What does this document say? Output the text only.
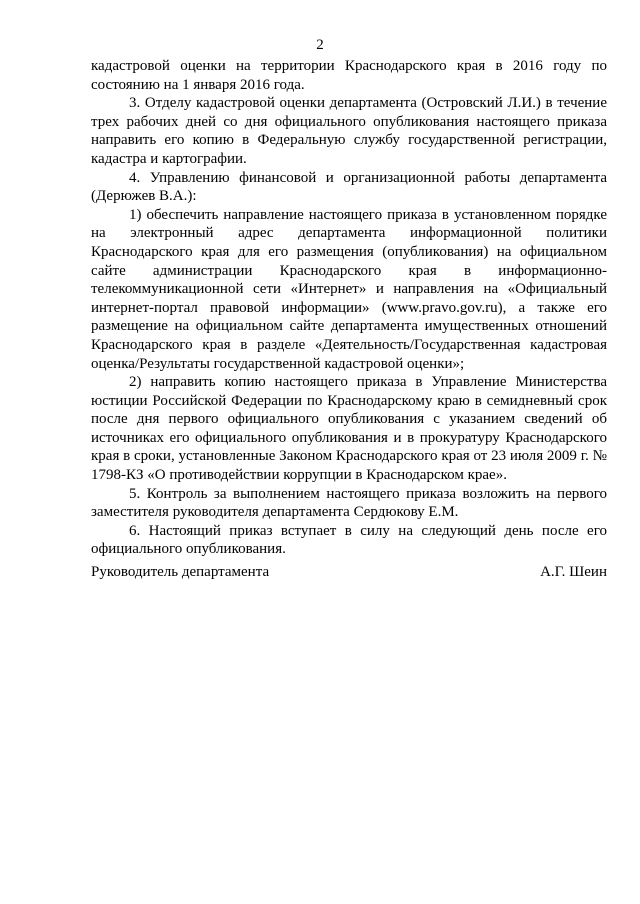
2

кадастровой оценки на территории Краснодарского края в 2016 году по состоянию на 1 января 2016 года.

3. Отделу кадастровой оценки департамента (Островский Л.И.) в течение трех рабочих дней со дня официального опубликования настоящего приказа направить его копию в Федеральную службу государственной регистрации, кадастра и картографии.

4. Управлению финансовой и организационной работы департамента (Дерюжев В.А.):

1) обеспечить направление настоящего приказа в установленном порядке на электронный адрес департамента информационной политики Краснодарского края для его размещения (опубликования) на официальном сайте администрации Краснодарского края в информационно-телекоммуникационной сети «Интернет» и направления на «Официальный интернет-портал правовой информации» (www.pravo.gov.ru), а также его размещение на официальном сайте департамента имущественных отношений Краснодарского края в разделе «Деятельность/Государственная кадастровая оценка/Результаты государственной кадастровой оценки»;

2) направить копию настоящего приказа в Управление Министерства юстиции Российской Федерации по Краснодарскому краю в семидневный срок после дня первого официального опубликования с указанием сведений об источниках его официального опубликования и в прокуратуру Краснодарского края в сроки, установленные Законом Краснодарского края от 23 июля 2009 г. № 1798-КЗ «О противодействии коррупции в Краснодарском крае».

5. Контроль за выполнением настоящего приказа возложить на первого заместителя руководителя департамента Сердюкову Е.М.

6. Настоящий приказ вступает в силу на следующий день после его официального опубликования.

Руководитель департамента	А.Г. Шеин
